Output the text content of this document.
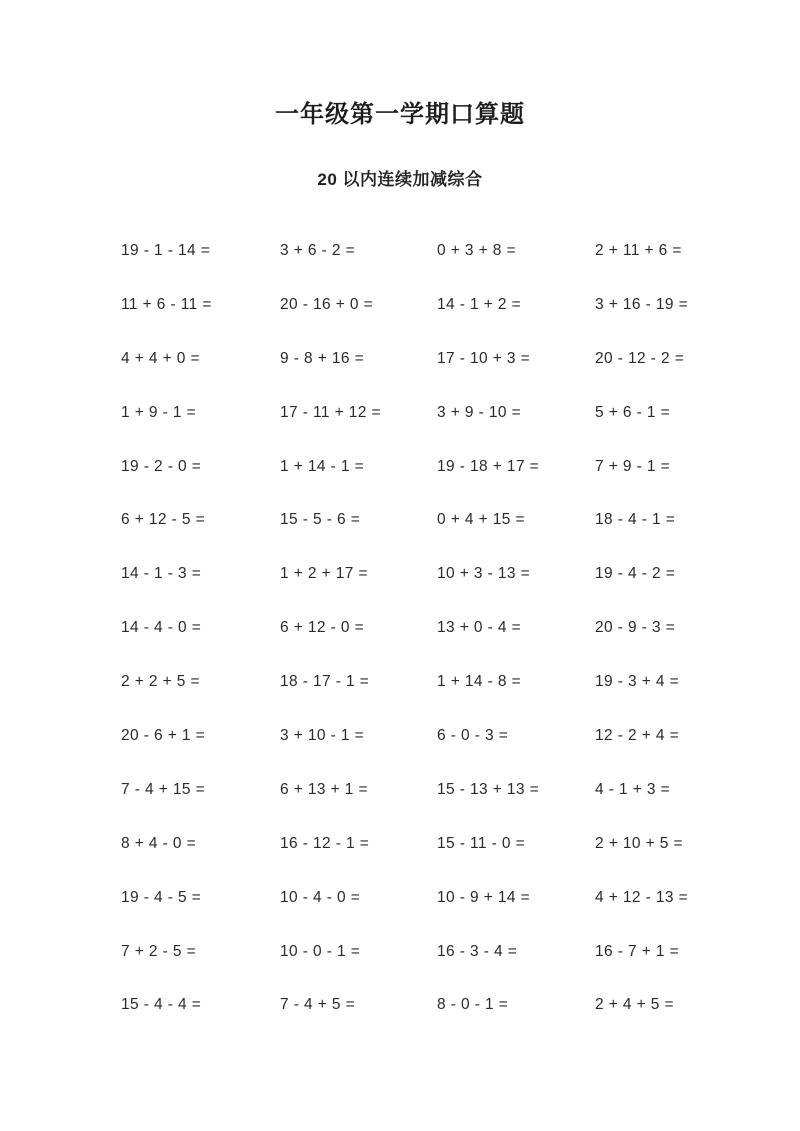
一年级第一学期口算题
20 以内连续加减综合
19 - 1 - 14 =	3 + 6 - 2 =	0 + 3 + 8 =	2 + 11 + 6 =
11 + 6 - 11 =	20 - 16 + 0 =	14 - 1 + 2 =	3 + 16 - 19 =
4 + 4 + 0 =	9 - 8 + 16 =	17 - 10 + 3 =	20 - 12 - 2 =
1 + 9 - 1 =	17 - 11 + 12 =	3 + 9 - 10 =	5 + 6 - 1 =
19 - 2 - 0 =	1 + 14 - 1 =	19 - 18 + 17 =	7 + 9 - 1 =
6 + 12 - 5 =	15 - 5 - 6 =	0 + 4 + 15 =	18 - 4 - 1 =
14 - 1 - 3 =	1 + 2 + 17 =	10 + 3 - 13 =	19 - 4 - 2 =
14 - 4 - 0 =	6 + 12 - 0 =	13 + 0 - 4 =	20 - 9 - 3 =
2 + 2 + 5 =	18 - 17 - 1 =	1 + 14 - 8 =	19 - 3 + 4 =
20 - 6 + 1 =	3 + 10 - 1 =	6 - 0 - 3 =	12 - 2 + 4 =
7 - 4 + 15 =	6 + 13 + 1 =	15 - 13 + 13 =	4 - 1 + 3 =
8 + 4 - 0 =	16 - 12 - 1 =	15 - 11 - 0 =	2 + 10 + 5 =
19 - 4 - 5 =	10 - 4 - 0 =	10 - 9 + 14 =	4 + 12 - 13 =
7 + 2 - 5 =	10 - 0 - 1 =	16 - 3 - 4 =	16 - 7 + 1 =
15 - 4 - 4 =	7 - 4 + 5 =	8 - 0 - 1 =	2 + 4 + 5 =
